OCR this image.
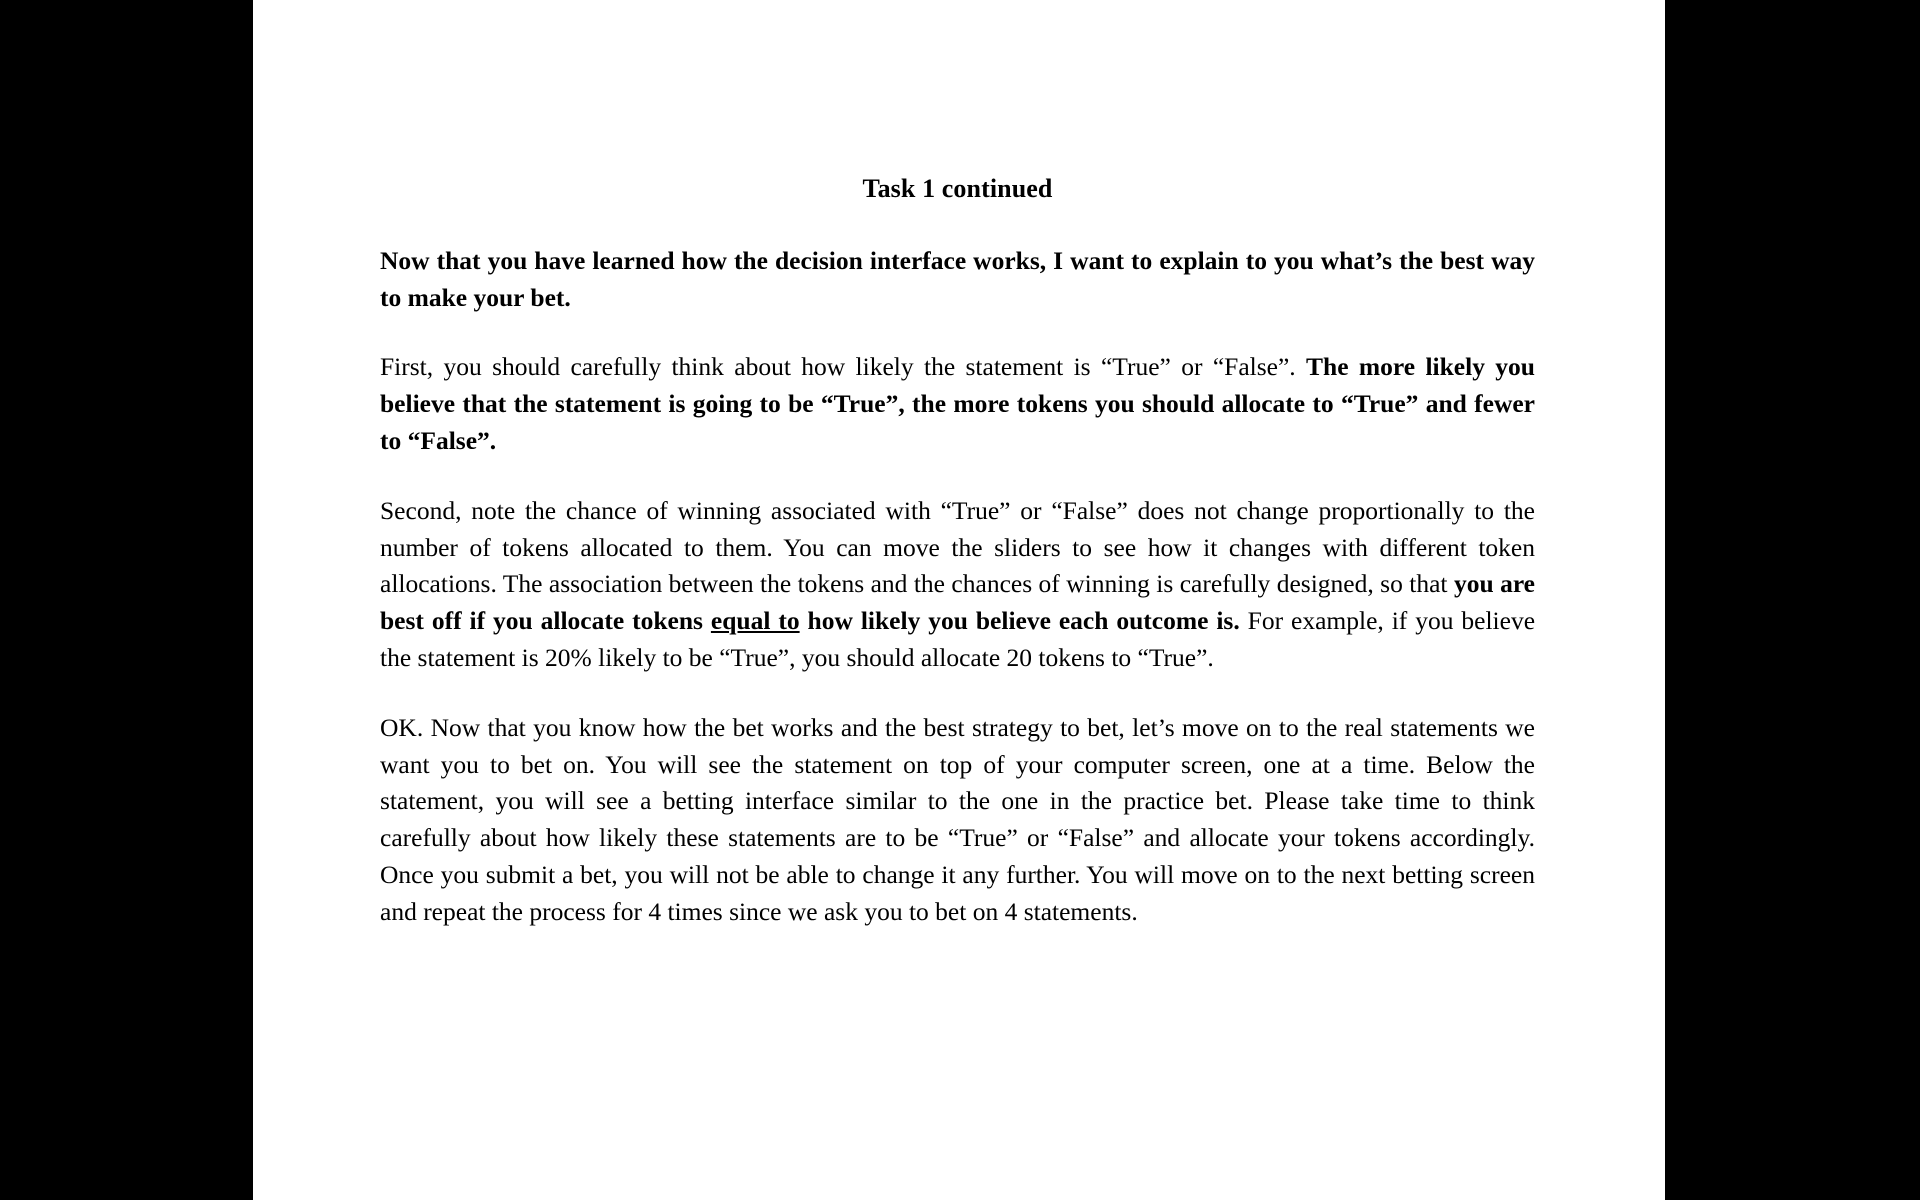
Task 1 continued

Now that you have learned how the decision interface works, I want to explain to you what’s the best way to make your bet.

First, you should carefully think about how likely the statement is “True” or “False”. The more likely you believe that the statement is going to be “True”, the more tokens you should allocate to “True” and fewer to “False”.

Second, note the chance of winning associated with “True” or “False” does not change proportionally to the number of tokens allocated to them. You can move the sliders to see how it changes with different token allocations. The association between the tokens and the chances of winning is carefully designed, so that you are best off if you allocate tokens equal to how likely you believe each outcome is. For example, if you believe the statement is 20% likely to be “True”, you should allocate 20 tokens to “True”.

OK. Now that you know how the bet works and the best strategy to bet, let’s move on to the real statements we want you to bet on. You will see the statement on top of your computer screen, one at a time. Below the statement, you will see a betting interface similar to the one in the practice bet. Please take time to think carefully about how likely these statements are to be “True” or “False” and allocate your tokens accordingly. Once you submit a bet, you will not be able to change it any further. You will move on to the next betting screen and repeat the process for 4 times since we ask you to bet on 4 statements.
